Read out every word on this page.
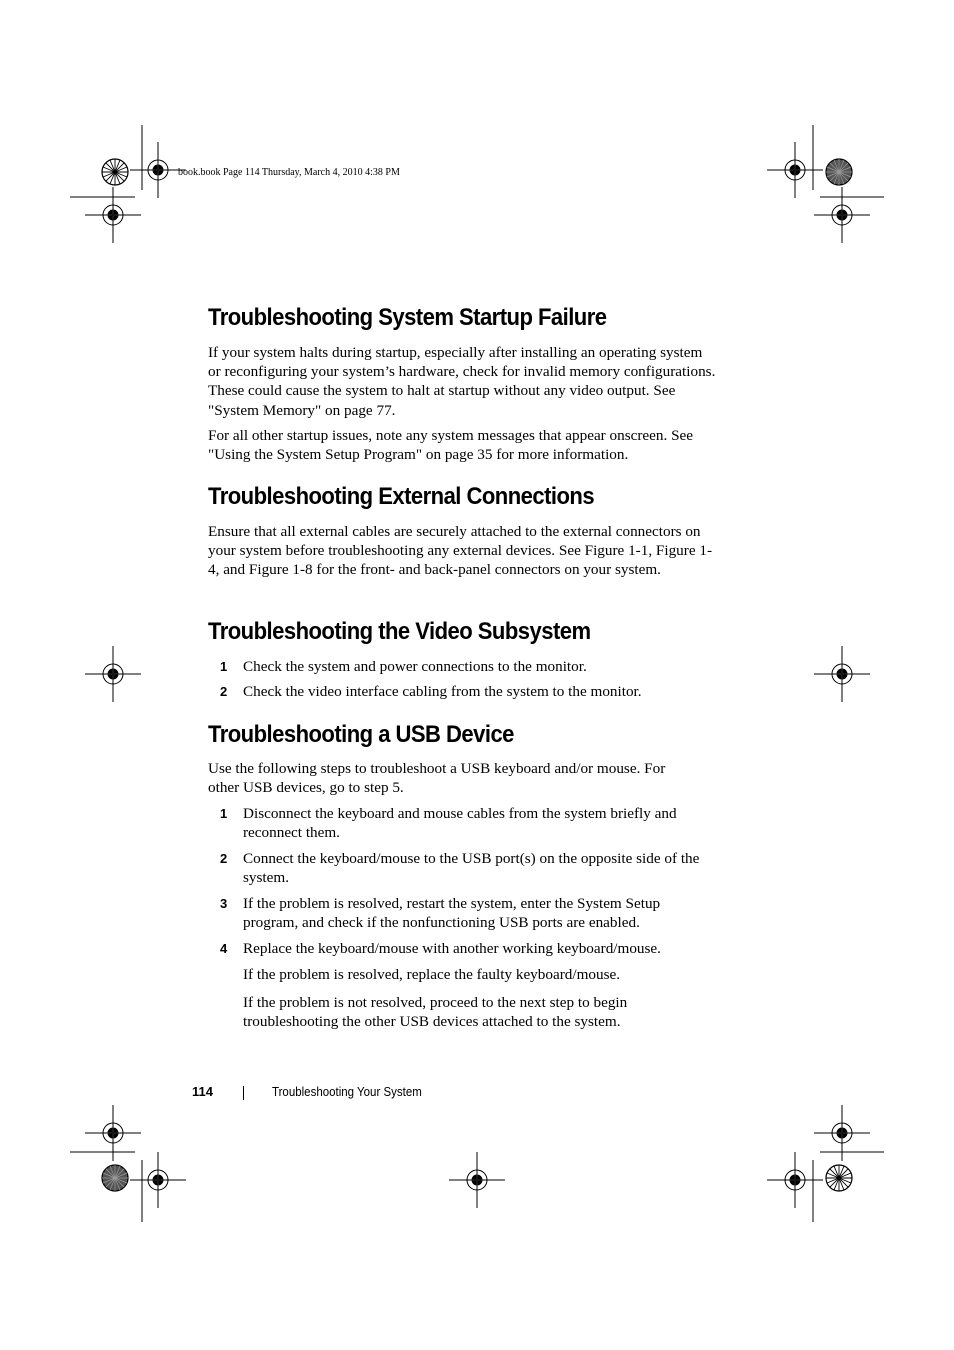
book.book Page 114 Thursday, March 4, 2010 4:38 PM
Troubleshooting System Startup Failure

If your system halts during startup, especially after installing an operating system or reconfiguring your system’s hardware, check for invalid memory configurations. These could cause the system to halt at startup without any video output. See "System Memory" on page 77.

For all other startup issues, note any system messages that appear onscreen. See "Using the System Setup Program" on page 35 for more information.

Troubleshooting External Connections

Ensure that all external cables are securely attached to the external connectors on your system before troubleshooting any external devices. See Figure 1-1, Figure 1-4, and Figure 1-8 for the front- and back-panel connectors on your system.

Troubleshooting the Video Subsystem
1 Check the system and power connections to the monitor.
2 Check the video interface cabling from the system to the monitor.
Troubleshooting a USB Device

Use the following steps to troubleshoot a USB keyboard and/or mouse. For other USB devices, go to step 5.

1 Disconnect the keyboard and mouse cables from the system briefly and reconnect them.
2 Connect the keyboard/mouse to the USB port(s) on the opposite side of the system.
3 If the problem is resolved, restart the system, enter the System Setup program, and check if the nonfunctioning USB ports are enabled.
4 Replace the keyboard/mouse with another working keyboard/mouse.

If the problem is resolved, replace the faulty keyboard/mouse.

If the problem is not resolved, proceed to the next step to begin troubleshooting the other USB devices attached to the system.

114	Troubleshooting Your System
